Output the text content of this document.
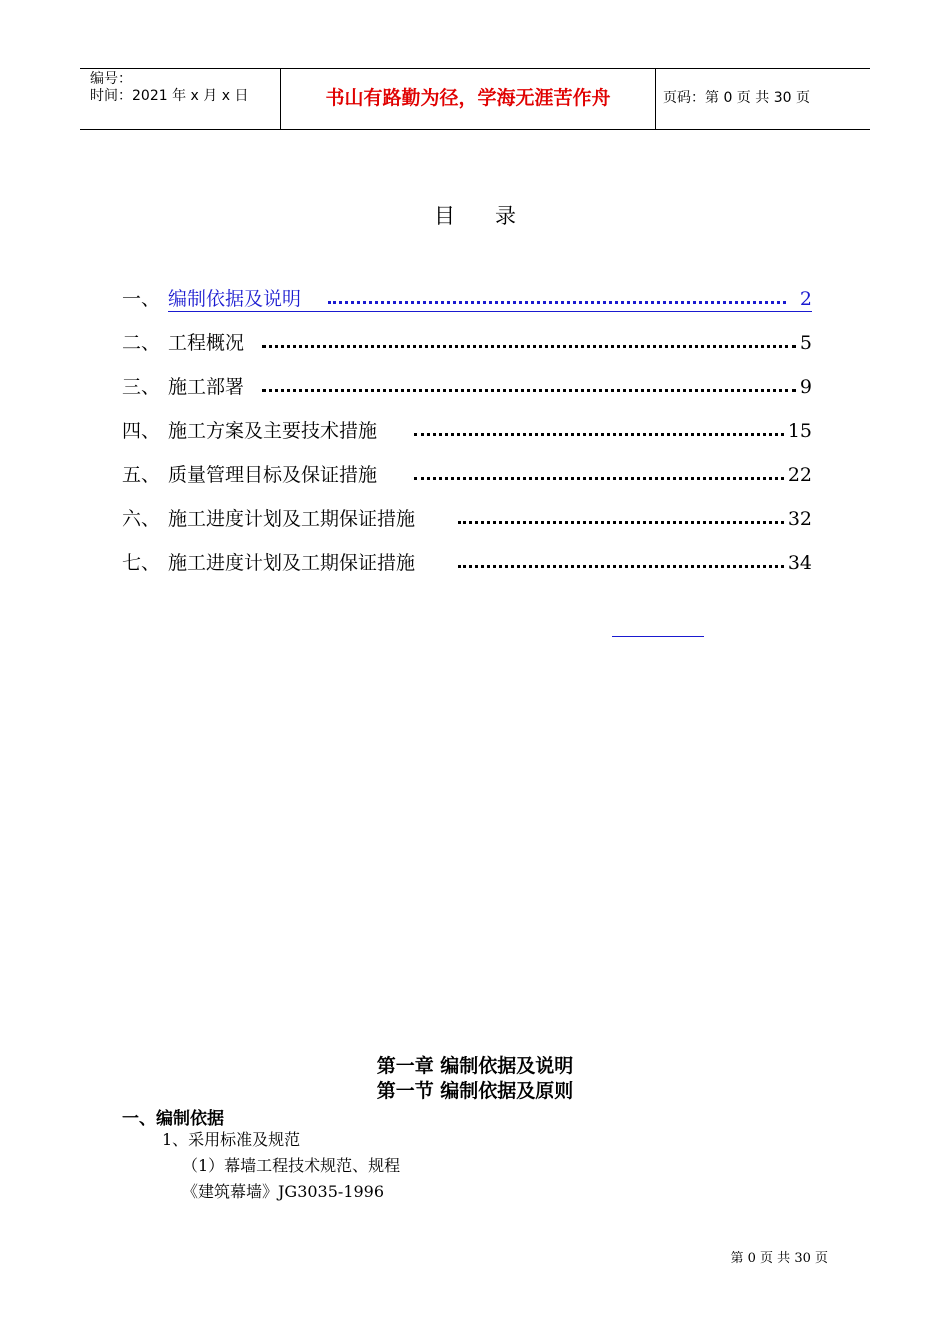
编号：
时间：2021 年 x 月 x 日	书山有路勤为径，学海无涯苦作舟	页码：第 0 页 共 30 页
目录
一、 编制依据及说明	2
二、 工程概况	5
三、 施工部署	9
四、 施工方案及主要技术措施	15
五、 质量管理目标及保证措施	22
六、 施工进度计划及工期保证措施	32
七、 施工进度计划及工期保证措施	34
第一章 编制依据及说明
第一节 编制依据及原则
一、编制依据
1、采用标准及规范
（1）幕墙工程技术规范、规程
《建筑幕墙》JG3035-1996
第 0 页 共 30 页
